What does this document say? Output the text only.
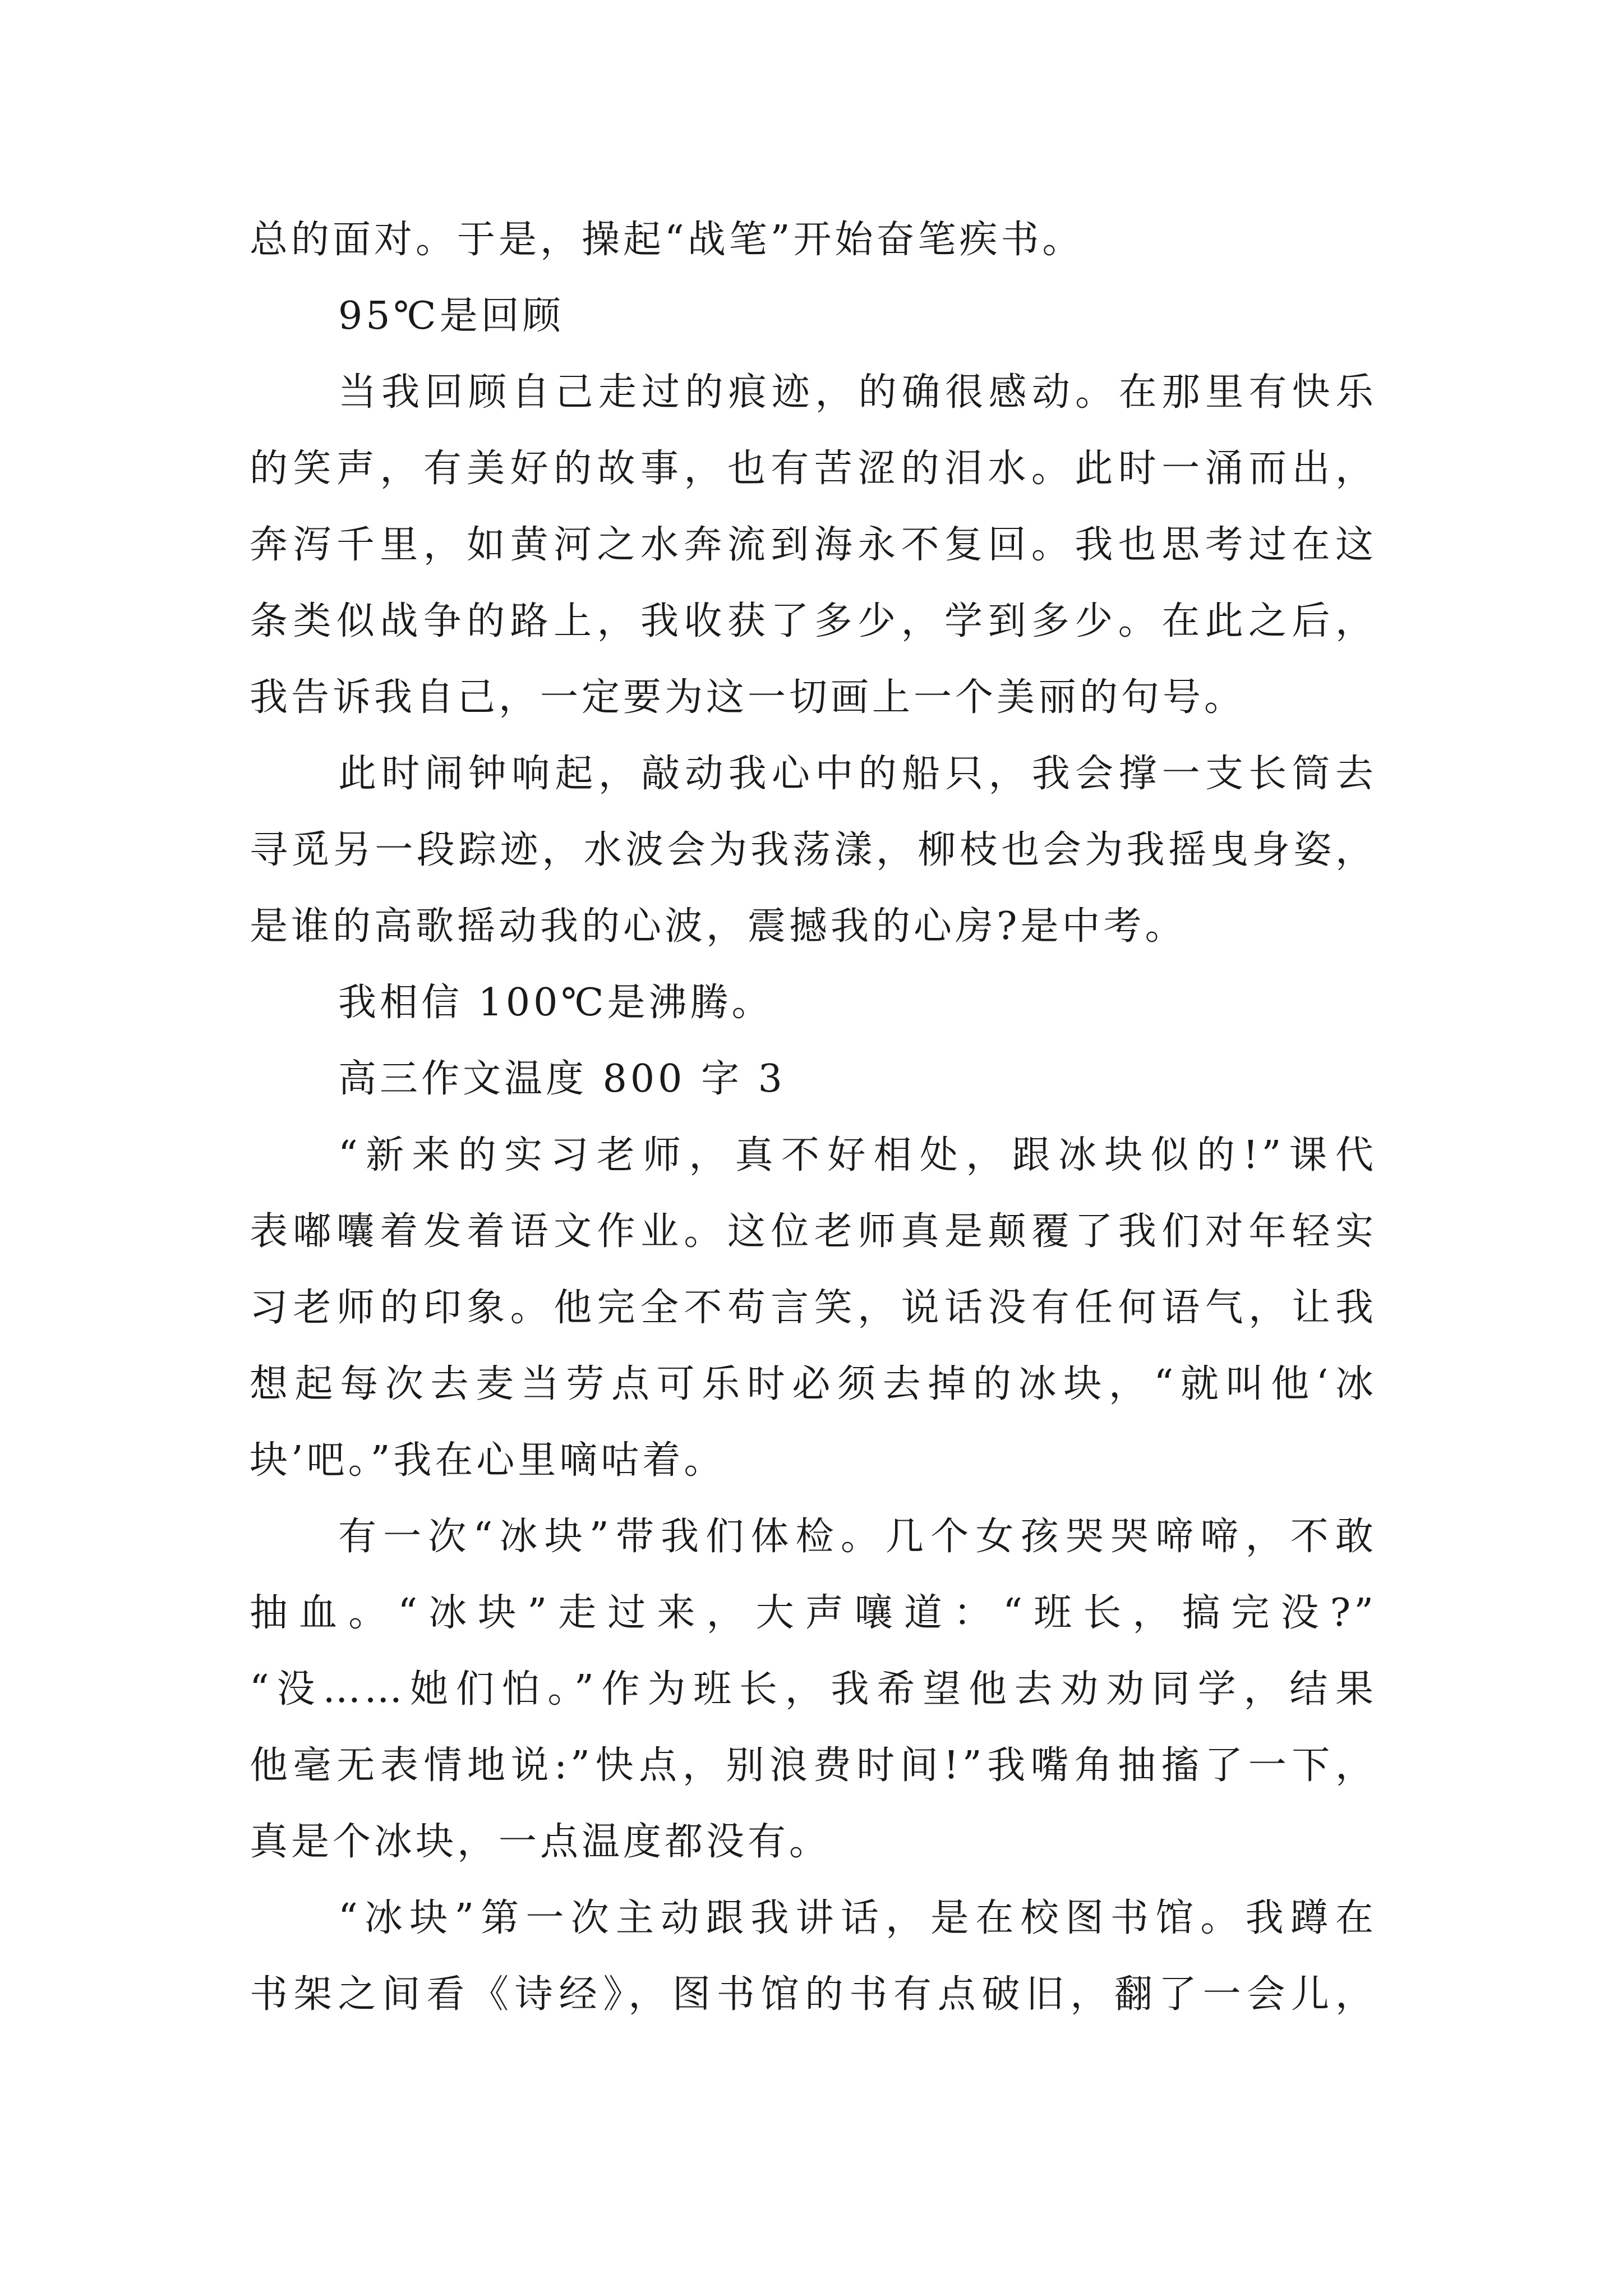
总的面对。于是，操起“战笔”开始奋笔疾书。
95℃是回顾
当我回顾自己走过的痕迹，的确很感动。在那里有快乐
的笑声，有美好的故事，也有苦涩的泪水。此时一涌而出，
奔泻千里，如黄河之水奔流到海永不复回。我也思考过在这
条类似战争的路上，我收获了多少，学到多少。在此之后，
我告诉我自己，一定要为这一切画上一个美丽的句号。
此时闹钟响起，敲动我心中的船只，我会撑一支长筒去
寻觅另一段踪迹，水波会为我荡漾，柳枝也会为我摇曳身姿，
是谁的高歌摇动我的心波，震撼我的心房?是中考。
我相信 100℃是沸腾。
高三作文温度 800 字 3
“新来的实习老师，真不好相处，跟冰块似的!”课代
表嘟囔着发着语文作业。这位老师真是颠覆了我们对年轻实
习老师的印象。他完全不苟言笑，说话没有任何语气，让我
想起每次去麦当劳点可乐时必须去掉的冰块，“就叫他‘冰
块’吧。”我在心里嘀咕着。
有一次“冰块”带我们体检。几个女孩哭哭啼啼，不敢
抽血。“冰块”走过来，大声嚷道：“班长，搞完没?”
“没……她们怕。”作为班长，我希望他去劝劝同学，结果
他毫无表情地说:”快点，别浪费时间!”我嘴角抽搐了一下，
真是个冰块，一点温度都没有。
“冰块”第一次主动跟我讲话，是在校图书馆。我蹲在
书架之间看《诗经》，图书馆的书有点破旧，翻了一会儿，
